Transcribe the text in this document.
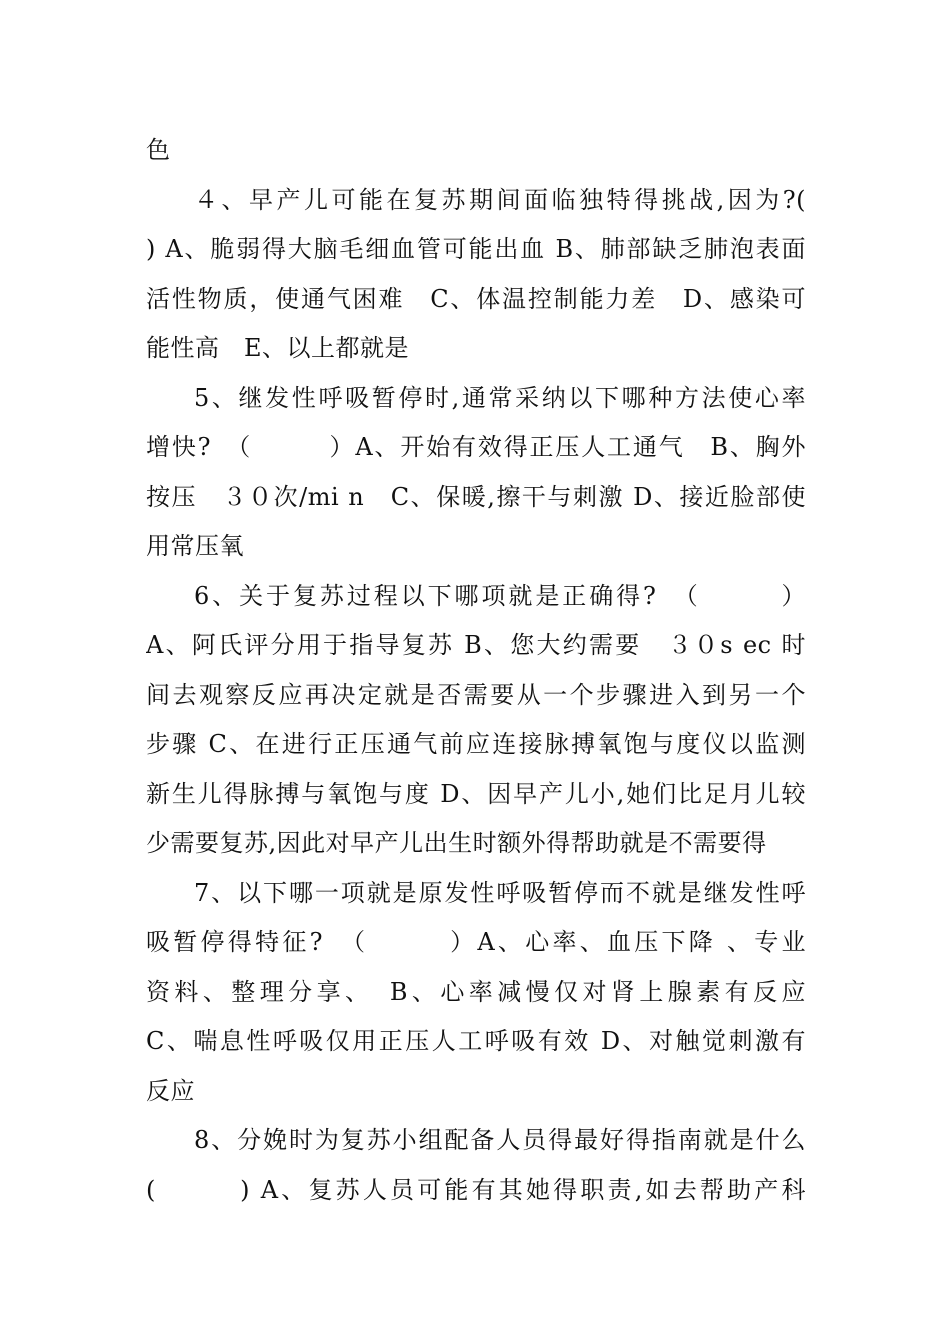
色
４、早产儿可能在复苏期间面临独特得挑战,因为?(
) A、脆弱得大脑毛细血管可能出血 B、肺部缺乏肺泡表面
活性物质，使通气困难　C、体温控制能力差　D、感染可
能性高　E、以上都就是
5、继发性呼吸暂停时,通常采纳以下哪种方法使心率
增快?　（　　　）A、开始有效得正压人工通气　B、胸外
按压　３０次/mi n　C、保暖,擦干与刺激 D、接近脸部使
用常压氧
6、关于复苏过程以下哪项就是正确得?　（　　　）
A、阿氏评分用于指导复苏 B、您大约需要　３０s ec 时
间去观察反应再决定就是否需要从一个步骤进入到另一个
步骤 C、在进行正压通气前应连接脉搏氧饱与度仪以监测
新生儿得脉搏与氧饱与度 D、因早产儿小,她们比足月儿较
少需要复苏,因此对早产儿出生时额外得帮助就是不需要得
7、以下哪一项就是原发性呼吸暂停而不就是继发性呼
吸暂停得特征?　（　　　）A、心率、血压下降 、专业
资料、整理分享、　B、心率减慢仅对肾上腺素有反应
C、喘息性呼吸仅用正压人工呼吸有效 D、对触觉刺激有
反应
8、分娩时为复苏小组配备人员得最好得指南就是什么
(　　　) A、复苏人员可能有其她得职责,如去帮助产科
